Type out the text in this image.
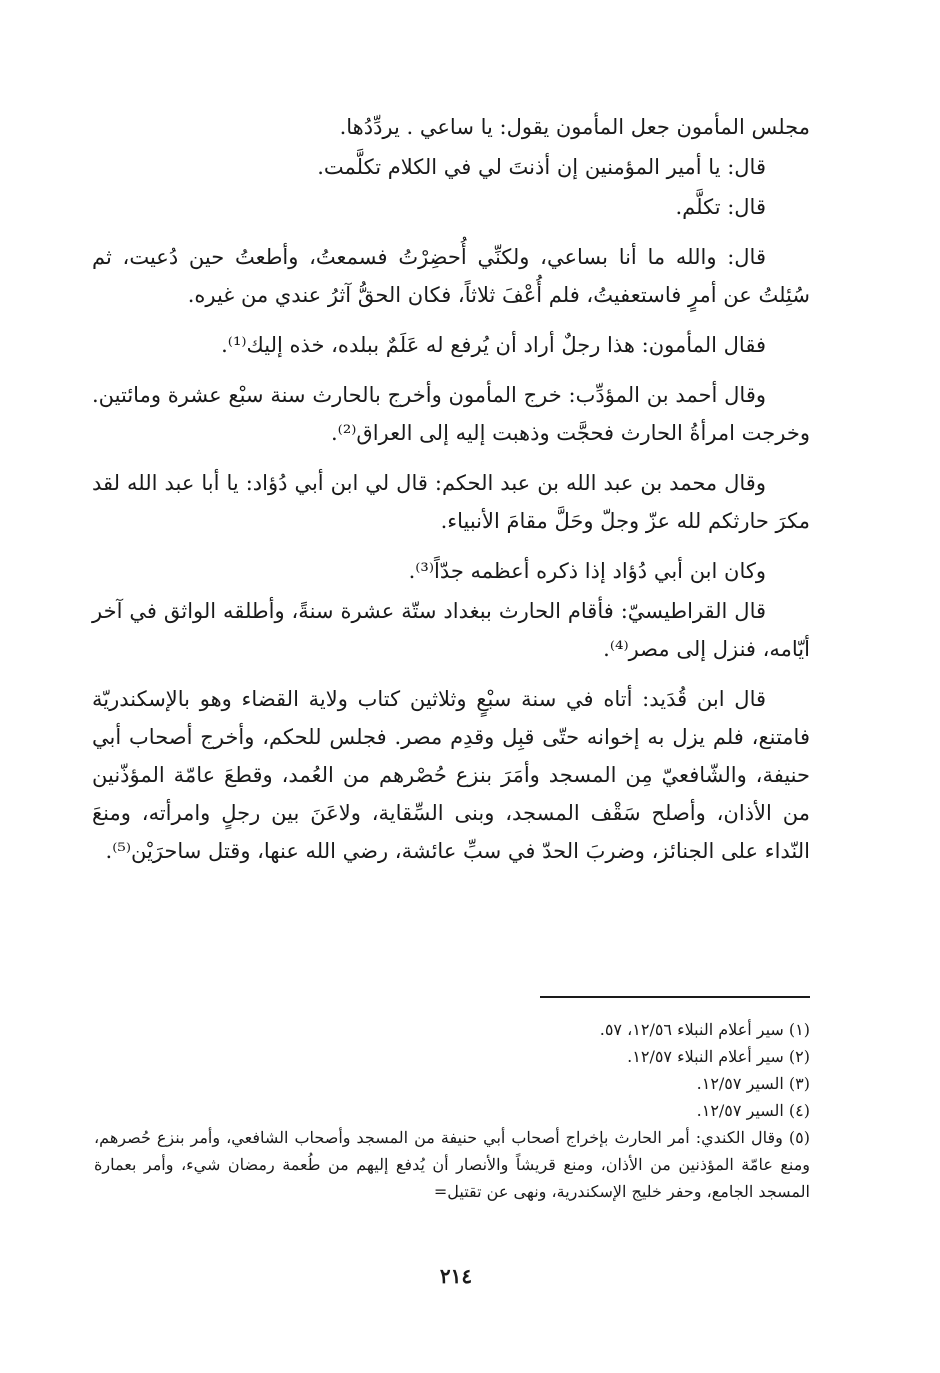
مجلس المأمون جعل المأمون يقول: يا ساعي . يردِّدُها.

قال: يا أمير المؤمنين إن أذنتَ لي في الكلام تكلَّمت.

قال: تكلَّم.

قال: والله ما أنا بساعي، ولكنِّي أُحضِرْتُ فسمعتُ، وأطعتُ حين دُعيت، ثم سُئِلتُ عن أمرٍ فاستعفيتُ، فلم أُعْفَ ثلاثاً، فكان الحقُّ آثرُ عندي من غيره.

فقال المأمون: هذا رجلٌ أراد أن يُرفع له عَلَمٌ ببلده، خذه إليك⁽¹⁾.

وقال أحمد بن المؤدِّب: خرج المأمون وأخرج بالحارث سنة سبْع عشرة ومائتين. وخرجت امرأةُ الحارث فحجَّت وذهبت إليه إلى العراق⁽²⁾.

وقال محمد بن عبد الله بن عبد الحكم: قال لي ابن أبي دُؤاد: يا أبا عبد الله لقد مكرَ حارثكم لله عزّ وجلّ وحَلَّ مقامَ الأنبياء.

وكان ابن أبي دُؤاد إذا ذكره أعظمه جدّاً⁽³⁾.

قال القراطيسيّ: فأقام الحارث ببغداد ستّة عشرة سنةً، وأطلقه الواثق في آخر أيّامه، فنزل إلى مصر⁽⁴⁾.

قال ابن قُدَيد: أتاه في سنة سبْعٍ وثلاثين كتاب ولاية القضاء وهو بالإسكندريّة فامتنع، فلم يزل به إخوانه حتّى قبِل وقدِم مصر. فجلس للحكم، وأخرج أصحاب أبي حنيفة، والشّافعيّ مِن المسجد وأمَرَ بنزع حُصْرهم من العُمد، وقطعَ عامّة المؤذّنين من الأذان، وأصلح سَقْف المسجد، وبنى السِّقاية، ولاعَنَ بين رجلٍ وامرأته، ومنعَ النّداء على الجنائز، وضربَ الحدّ في سبِّ عائشة، رضي الله عنها، وقتل ساحرَيْن⁽⁵⁾.

(١) سير أعلام النبلاء ١٢/٥٦، ٥٧.

(٢) سير أعلام النبلاء ١٢/٥٧.

(٣) السير ١٢/٥٧.

(٤) السير ١٢/٥٧.

(٥) وقال الكندي: أمر الحارث بإخراج أصحاب أبي حنيفة من المسجد وأصحاب الشافعي، وأمر بنزع حُصرهم، ومنع عامّة المؤذنين من الأذان، ومنع قريشاً والأنصار أن يُدفع إليهم من طُعمة رمضان شيء، وأمر بعمارة المسجد الجامع، وحفر خليج الإسكندرية، ونهى عن تقتيل=

٢١٤
